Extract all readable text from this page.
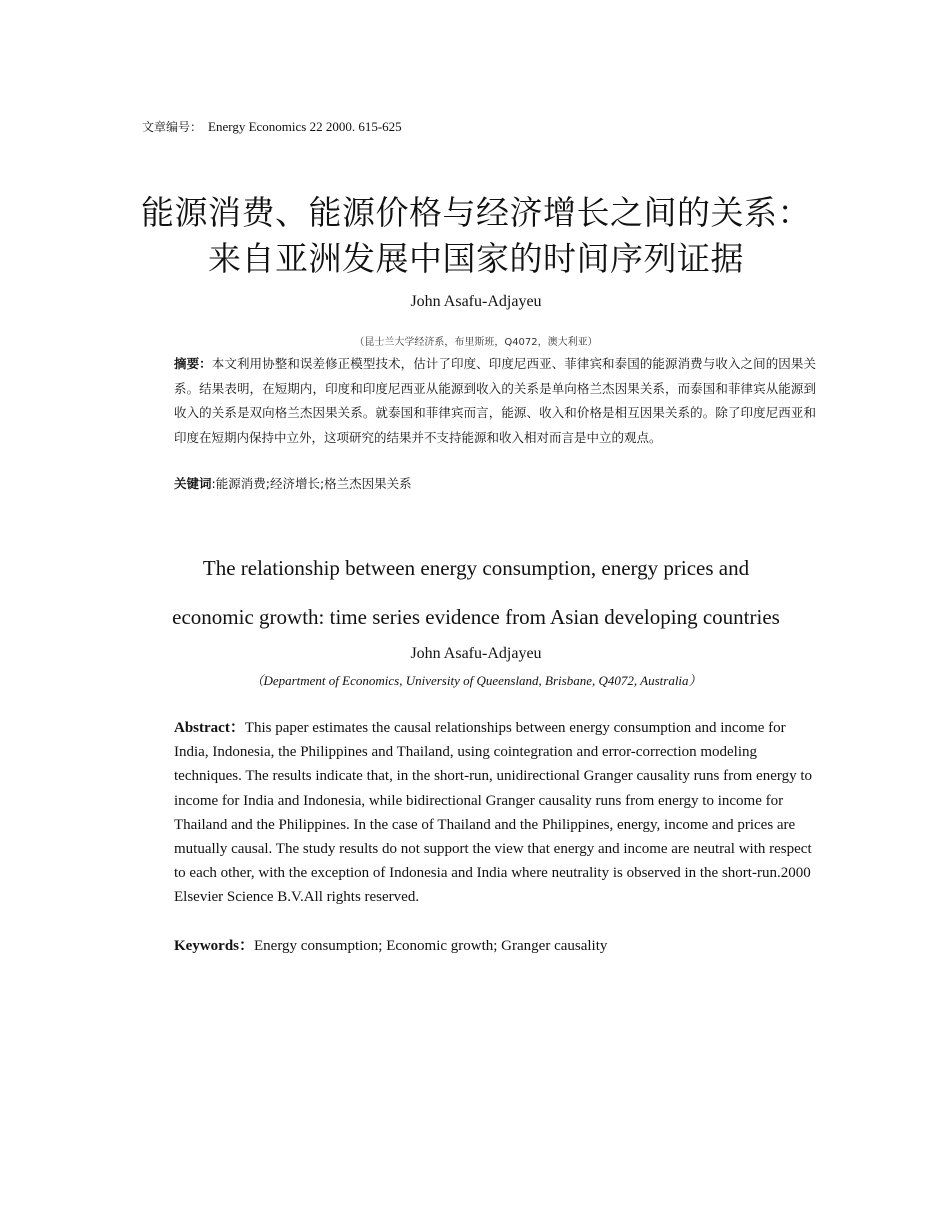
文章编号： Energy Economics 22 2000. 615-625
能源消费、能源价格与经济增长之间的关系：
来自亚洲发展中国家的时间序列证据
John Asafu-Adjayeu
（昆士兰大学经济系，布里斯班，Q4072，澳大利亚）
摘要：本文利用协整和误差修正模型技术，估计了印度、印度尼西亚、菲律宾和泰国的能源消费与收入之间的因果关系。结果表明，在短期内，印度和印度尼西亚从能源到收入的关系是单向格兰杰因果关系，而泰国和菲律宾从能源到收入的关系是双向格兰杰因果关系。就泰国和菲律宾而言，能源、收入和价格是相互因果关系的。除了印度尼西亚和印度在短期内保持中立外，这项研究的结果并不支持能源和收入相对而言是中立的观点。
关键词:能源消费;经济增长;格兰杰因果关系
The relationship between energy consumption, energy prices and
economic growth: time series evidence from Asian developing countries
John Asafu-Adjayeu
（Department of Economics, University of Queensland, Brisbane, Q4072, Australia）
Abstract：This paper estimates the causal relationships between energy consumption and income for India, Indonesia, the Philippines and Thailand, using cointegration and error-correction modeling techniques. The results indicate that, in the short-run, unidirectional Granger causality runs from energy to income for India and Indonesia, while bidirectional Granger causality runs from energy to income for Thailand and the Philippines. In the case of Thailand and the Philippines, energy, income and prices are mutually causal. The study results do not support the view that energy and income are neutral with respect to each other, with the exception of Indonesia and India where neutrality is observed in the short-run.2000 Elsevier Science B.V.All rights reserved.
Keywords：Energy consumption; Economic growth; Granger causality
